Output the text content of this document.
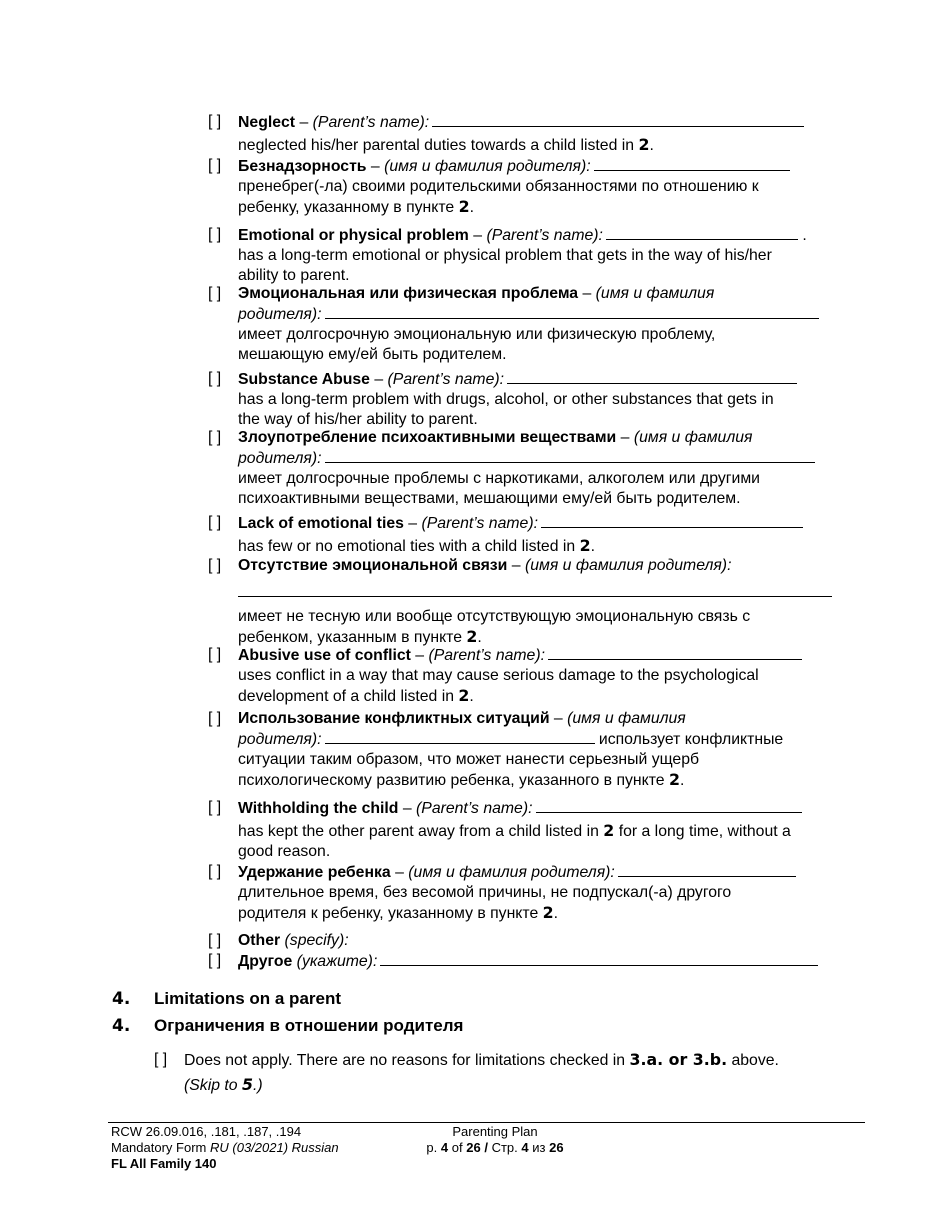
[ ]	Neglect – (Parent’s name):
neglected his/her parental duties towards a child listed in 2.
[ ]	Безнадзорность – (имя и фамилия родителя):
пренебрег(-ла) своими родительскими обязанностями по отношению к
ребенку, указанному в пункте 2.
[ ]	Emotional or physical problem – (Parent’s name):	.
has a long-term emotional or physical problem that gets in the way of his/her
ability to parent.
[ ]	Эмоциональная или физическая проблема – (имя и фамилия
родителя):
имеет долгосрочную эмоциональную или физическую проблему,
мешающую ему/ей быть родителем.
[ ]	Substance Abuse – (Parent’s name):
has a long-term problem with drugs, alcohol, or other substances that gets in
the way of his/her ability to parent.
[ ]	Злоупотребление психоактивными веществами – (имя и фамилия
родителя):
имеет долгосрочные проблемы с наркотиками, алкоголем или другими
психоактивными веществами, мешающими ему/ей быть родителем.
[ ]	Lack of emotional ties – (Parent’s name):
has few or no emotional ties with a child listed in 2.
[ ]	Отсутствие эмоциональной связи – (имя и фамилия родителя):
имеет не тесную или вообще отсутствующую эмоциональную связь с
ребенком, указанным в пункте 2.
[ ]	Abusive use of conflict – (Parent’s name):
uses conflict in a way that may cause serious damage to the psychological
development of a child listed in 2.
[ ]	Использование конфликтных ситуаций – (имя и фамилия
родителя):	использует конфликтные
ситуации таким образом, что может нанести серьезный ущерб
психологическому развитию ребенка, указанного в пункте 2.
[ ]	Withholding the child – (Parent’s name):
has kept the other parent away from a child listed in 2 for a long time, without a
good reason.
[ ]	Удержание ребенка – (имя и фамилия родителя):
длительное время, без весомой причины, не подпускал(-а) другого
родителя к ребенку, указанному в пункте 2.
[ ]	Other (specify):
[ ]	Другое (укажите):
4. Limitations on a parent
4. Ограничения в отношении родителя
[ ]	Does not apply. There are no reasons for limitations checked in 3.a. or 3.b. above.
(Skip to 5.)
RCW 26.09.016, .181, .187, .194
Mandatory Form RU (03/2021) Russian
FL All Family 140
Parenting Plan
p. 4 of 26 / Стр. 4 из 26
